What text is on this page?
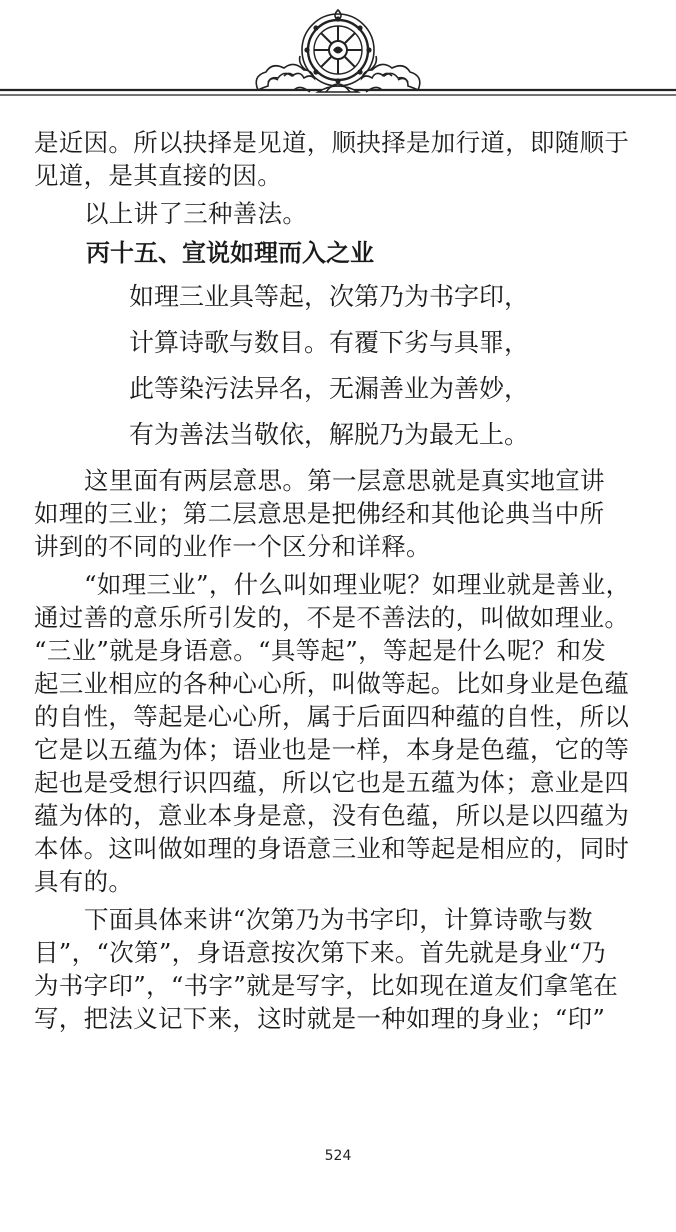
是近因。所以抉择是见道，顺抉择是加行道，即随顺于
见道，是其直接的因。
以上讲了三种善法。
丙十五、宣说如理而入之业
如理三业具等起，次第乃为书字印，
计算诗歌与数目。有覆下劣与具罪，
此等染污法异名，无漏善业为善妙，
有为善法当敬依，解脱乃为最无上。
这里面有两层意思。第一层意思就是真实地宣讲
如理的三业；第二层意思是把佛经和其他论典当中所
讲到的不同的业作一个区分和详释。
“如理三业”，什么叫如理业呢？如理业就是善业，
通过善的意乐所引发的，不是不善法的，叫做如理业。
“三业”就是身语意。“具等起”，等起是什么呢？和发
起三业相应的各种心心所，叫做等起。比如身业是色蕴
的自性，等起是心心所，属于后面四种蕴的自性，所以
它是以五蕴为体；语业也是一样，本身是色蕴，它的等
起也是受想行识四蕴，所以它也是五蕴为体；意业是四
蕴为体的，意业本身是意，没有色蕴，所以是以四蕴为
本体。这叫做如理的身语意三业和等起是相应的，同时
具有的。
下面具体来讲“次第乃为书字印，计算诗歌与数
目”，“次第”，身语意按次第下来。首先就是身业“乃
为书字印”，“书字”就是写字，比如现在道友们拿笔在
写，把法义记下来，这时就是一种如理的身业；“印”
524
